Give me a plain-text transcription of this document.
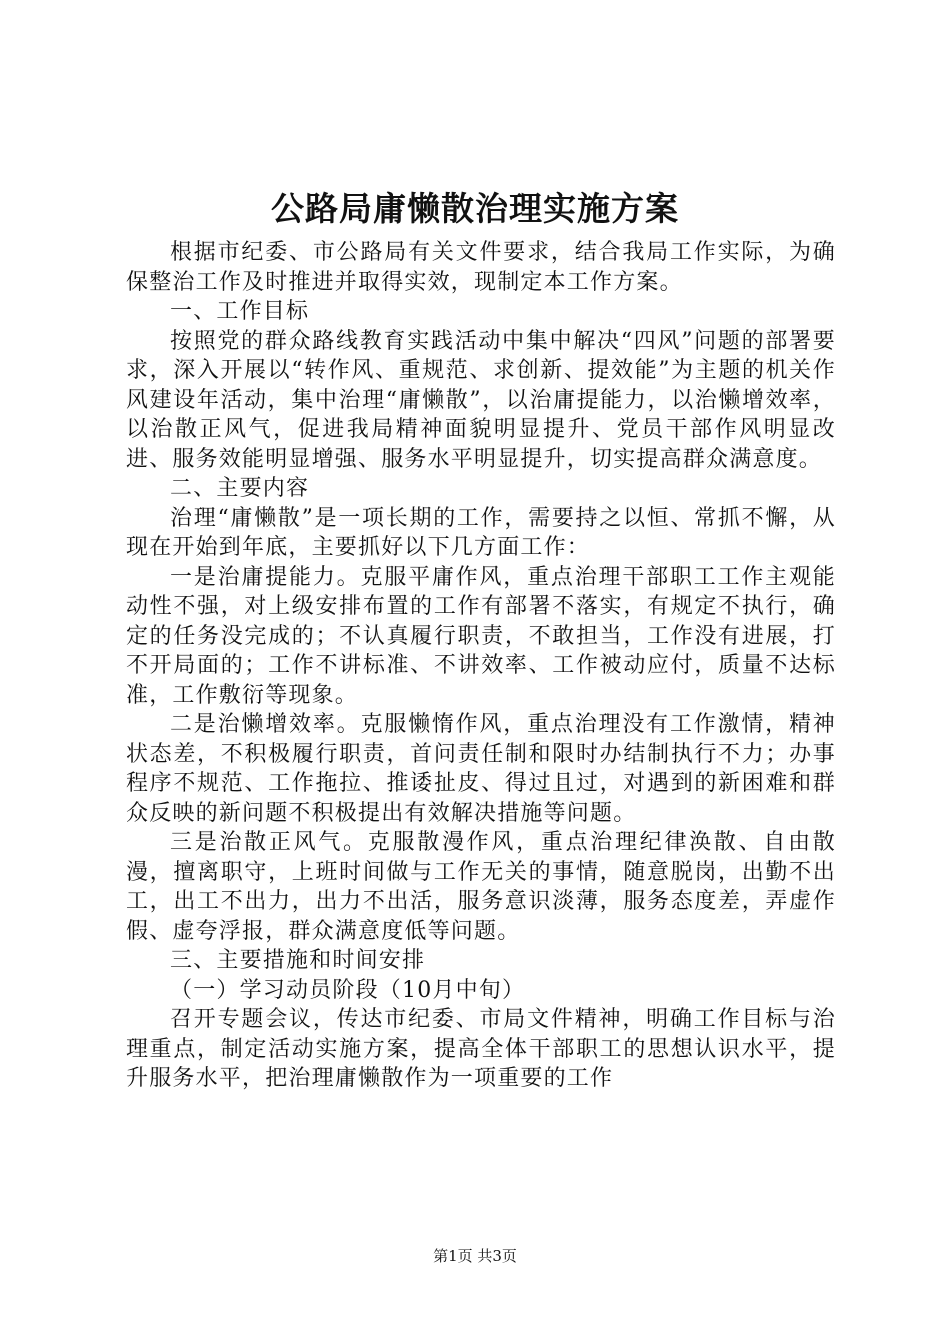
公路局庸懒散治理实施方案

根据市纪委、市公路局有关文件要求，结合我局工作实际，为确保整治工作及时推进并取得实效，现制定本工作方案。

一、工作目标

按照党的群众路线教育实践活动中集中解决“四风”问题的部署要求，深入开展以“转作风、重规范、求创新、提效能”为主题的机关作风建设年活动，集中治理“庸懒散”，以治庸提能力，以治懒增效率，以治散正风气，促进我局精神面貌明显提升、党员干部作风明显改进、服务效能明显增强、服务水平明显提升，切实提高群众满意度。

二、主要内容

治理“庸懒散”是一项长期的工作，需要持之以恒、常抓不懈，从现在开始到年底，主要抓好以下几方面工作：

一是治庸提能力。克服平庸作风，重点治理干部职工工作主观能动性不强，对上级安排布置的工作有部署不落实，有规定不执行，确定的任务没完成的；不认真履行职责，不敢担当，工作没有进展，打不开局面的；工作不讲标准、不讲效率、工作被动应付，质量不达标准，工作敷衍等现象。

二是治懒增效率。克服懒惰作风，重点治理没有工作激情，精神状态差，不积极履行职责，首问责任制和限时办结制执行不力；办事程序不规范、工作拖拉、推诿扯皮、得过且过，对遇到的新困难和群众反映的新问题不积极提出有效解决措施等问题。

三是治散正风气。克服散漫作风，重点治理纪律涣散、自由散漫，擅离职守，上班时间做与工作无关的事情，随意脱岗，出勤不出工，出工不出力，出力不出活，服务意识淡薄，服务态度差，弄虚作假、虚夸浮报，群众满意度低等问题。

三、主要措施和时间安排

（一）学习动员阶段（10月中旬）

召开专题会议，传达市纪委、市局文件精神，明确工作目标与治理重点，制定活动实施方案，提高全体干部职工的思想认识水平，提升服务水平，把治理庸懒散作为一项重要的工作

第1页 共3页
